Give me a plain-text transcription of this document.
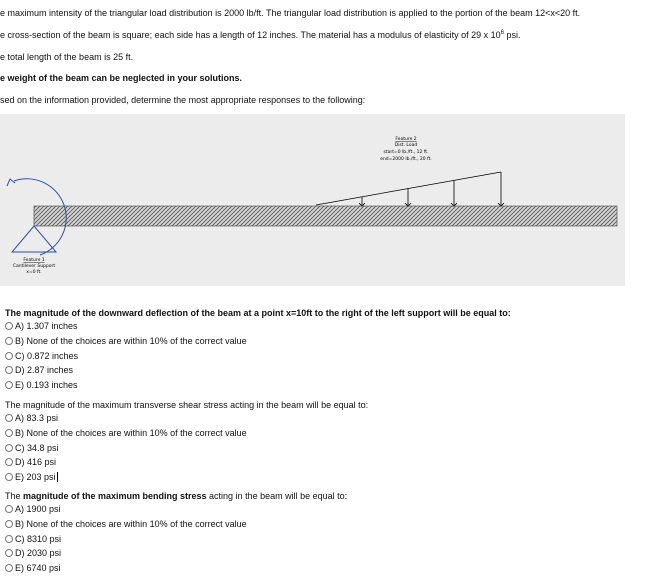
e maximum intensity of the triangular load distribution is 2000 lb/ft. The triangular load distribution is applied to the portion of the beam 12<x<20 ft.
e cross-section of the beam is square; each side has a length of 12 inches. The material has a modulus of elasticity of 29 x $10^6$ psi.
e total length of the beam is 25 ft.
e weight of the beam can be neglected in your solutions.
sed on the information provided, determine the most appropriate responses to the following:
Feature 2
Dist. Load
start=0 lb./ft., 12 ft.
end=2000 lb./ft., 20 ft.
Feature 1
Cantilever Support
x=0 ft.
The magnitude of the downward deflection of the beam at a point x=10ft to the right of the left support will be equal to:
A) 1.307 inches
B) None of the choices are within 10% of the correct value
C) 0.872 inches
D) 2.87 inches
E) 0.193 inches
The magnitude of the maximum transverse shear stress acting in the beam will be equal to:
A) 83.3 psi
B) None of the choices are within 10% of the correct value
C) 34.8 psi
D) 416 psi
E) 203 psi
The magnitude of the maximum bending stress acting in the beam will be equal to:
A) 1900 psi
B) None of the choices are within 10% of the correct value
C) 8310 psi
D) 2030 psi
E) 6740 psi
